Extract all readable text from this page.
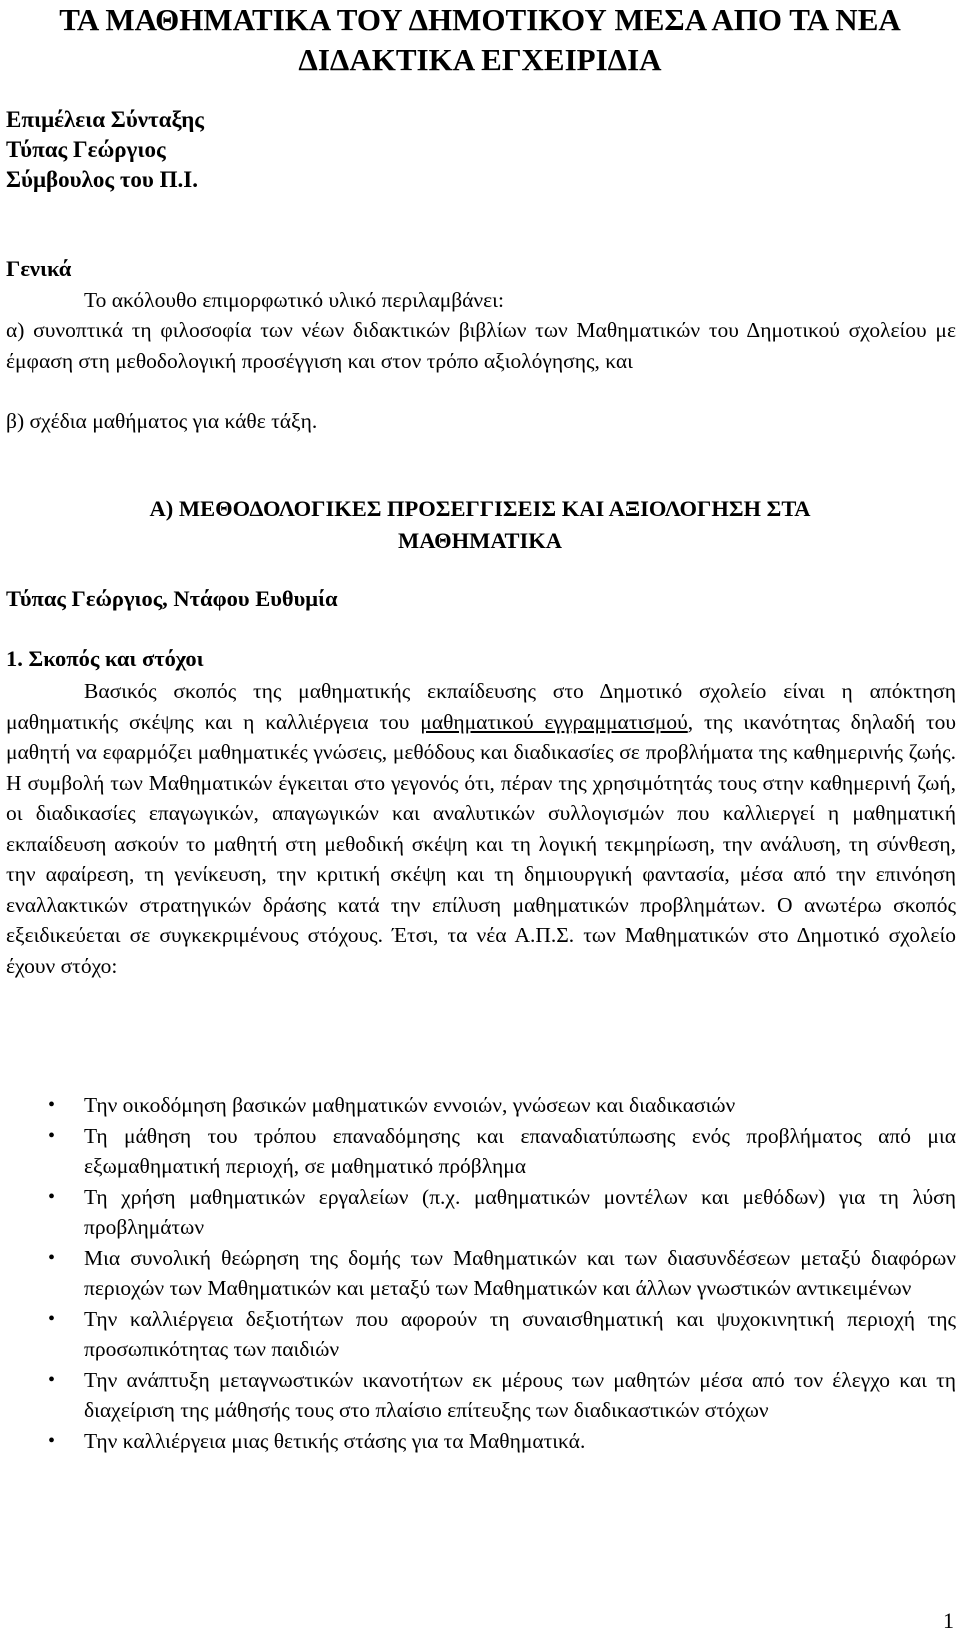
ΤΑ ΜΑΘΗΜΑΤΙΚΑ ΤΟΥ ΔΗΜΟΤΙΚΟΥ ΜΕΣΑ ΑΠΟ ΤΑ ΝΕΑ ΔΙΔΑΚΤΙΚΑ ΕΓΧΕΙΡΙΔΙΑ
Επιμέλεια Σύνταξης
Τύπας Γεώργιος
Σύμβουλος του Π.Ι.
Γενικά
Το ακόλουθο επιμορφωτικό υλικό περιλαμβάνει:
α) συνοπτικά τη φιλοσοφία των νέων διδακτικών βιβλίων των Μαθηματικών του Δημοτικού σχολείου με έμφαση στη μεθοδολογική προσέγγιση και στον τρόπο αξιολόγησης, και
β) σχέδια μαθήματος για κάθε τάξη.
Α) ΜΕΘΟΔΟΛΟΓΙΚΕΣ ΠΡΟΣΕΓΓΙΣΕΙΣ ΚΑΙ ΑΞΙΟΛΟΓΗΣΗ ΣΤΑ ΜΑΘΗΜΑΤΙΚΑ
Τύπας Γεώργιος, Ντάφου Ευθυμία
1. Σκοπός και στόχοι
Βασικός σκοπός της μαθηματικής εκπαίδευσης στο Δημοτικό σχολείο είναι η απόκτηση μαθηματικής σκέψης και η καλλιέργεια του μαθηματικού εγγραμματισμού, της ικανότητας δηλαδή του μαθητή να εφαρμόζει μαθηματικές γνώσεις, μεθόδους και διαδικασίες σε προβλήματα της καθημερινής ζωής. Η συμβολή των Μαθηματικών έγκειται στο γεγονός ότι, πέραν της χρησιμότητάς τους στην καθημερινή ζωή, οι διαδικασίες επαγωγικών, απαγωγικών και αναλυτικών συλλογισμών που καλλιεργεί η μαθηματική εκπαίδευση ασκούν το μαθητή στη μεθοδική σκέψη και τη λογική τεκμηρίωση, την ανάλυση, τη σύνθεση, την αφαίρεση, τη γενίκευση, την κριτική σκέψη και τη δημιουργική φαντασία, μέσα από την επινόηση εναλλακτικών στρατηγικών δράσης κατά την επίλυση μαθηματικών προβλημάτων. Ο ανωτέρω σκοπός εξειδικεύεται σε συγκεκριμένους στόχους. Έτσι, τα νέα Α.Π.Σ. των Μαθηματικών στο Δημοτικό σχολείο έχουν στόχο:
• Την οικοδόμηση βασικών μαθηματικών εννοιών, γνώσεων και διαδικασιών
• Τη μάθηση του τρόπου επαναδόμησης και επαναδιατύπωσης ενός προβλήματος από μια εξωμαθηματική περιοχή, σε μαθηματικό πρόβλημα
• Τη χρήση μαθηματικών εργαλείων (π.χ. μαθηματικών μοντέλων και μεθόδων) για τη λύση προβλημάτων
• Μια συνολική θεώρηση της δομής των Μαθηματικών και των διασυνδέσεων μεταξύ διαφόρων περιοχών των Μαθηματικών και μεταξύ των Μαθηματικών και άλλων γνωστικών αντικειμένων
• Την καλλιέργεια δεξιοτήτων που αφορούν τη συναισθηματική και ψυχοκινητική περιοχή της προσωπικότητας των παιδιών
• Την ανάπτυξη μεταγνωστικών ικανοτήτων εκ μέρους των μαθητών μέσα από τον έλεγχο και τη διαχείριση της μάθησής τους στο πλαίσιο επίτευξης των διαδικαστικών στόχων
• Την καλλιέργεια μιας θετικής στάσης για τα Μαθηματικά.
1
